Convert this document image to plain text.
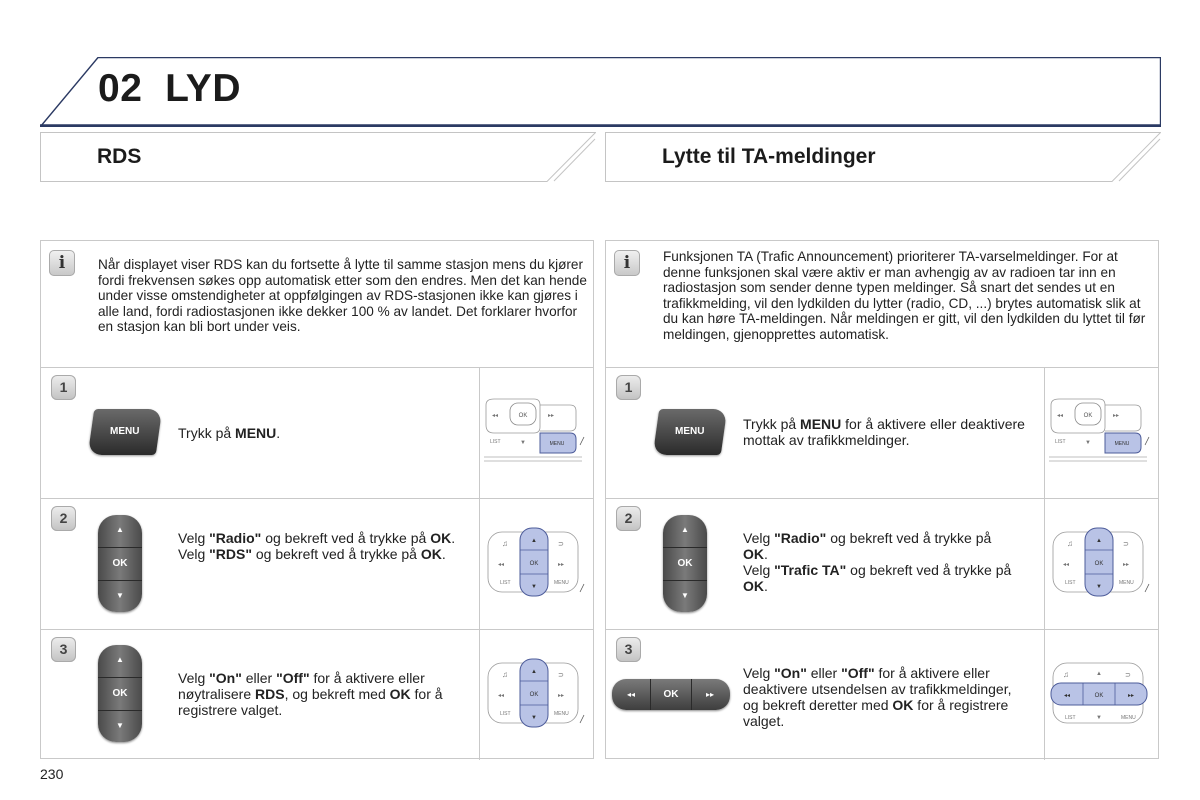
02 LYD
RDS	Lytte til TA-meldinger
i	Når displayet viser RDS kan du fortsette å lytte til samme stasjon mens du kjører fordi frekvensen søkes opp automatisk etter som den endres. Men det kan hende under visse omstendigheter at oppfølgingen av RDS-stasjonen ikke kan gjøres i alle land, fordi radiostasjonen ikke dekker 100 % av landet. Det forklarer hvorfor en stasjon kan bli bort under veis.

1
MENU	Trykk på MENU.
OK
◂◂	▸▸
LIST	▼	MENU
2
▲
OK
▼

Velg "Radio" og bekreft ved å trykke på OK.

Velg "RDS" og bekreft ved å trykke på OK.

♫	⊃
◂◂	▸▸
LIST	MENU
▲
OK
▼
3
▲
OK
▼
Velg "On" eller "Off" for å aktivere eller nøytralisere RDS, og bekreft med OK for å registrere valget.
♫	⊃
◂◂	▸▸
LIST	MENU
▲
OK
▼
i	Funksjonen TA (Trafic Announcement) prioriterer TA-varselmeldinger. For at denne funksjonen skal være aktiv er man avhengig av av radioen tar inn en radiostasjon som sender denne typen meldinger. Så snart det sendes ut en trafikkmelding, vil den lydkilden du lytter (radio, CD, ...) brytes automatisk slik at du kan høre TA-meldingen. Når meldingen er gitt, vil den lydkilden du lyttet til før meldingen, gjenopprettes automatisk.

1
MENU	Trykk på MENU for å aktivere eller deaktivere mottak av trafikkmeldinger.
OK
◂◂	▸▸
LIST	▼	MENU
2
▲
OK
▼

Velg "Radio" og bekreft ved å trykke på OK.

Velg "Trafic TA" og bekreft ved å trykke på OK.

♫	⊃
◂◂	▸▸
LIST	MENU
▲
OK
▼
3
◂◂	OK	▸▸
Velg "On" eller "Off" for å aktivere eller deaktivere utsendelsen av trafikkmeldinger, og bekreft deretter med OK for å registrere valget.
♫	▲	⊃
◂◂	OK	▸▸
LIST	▼	MENU

230
